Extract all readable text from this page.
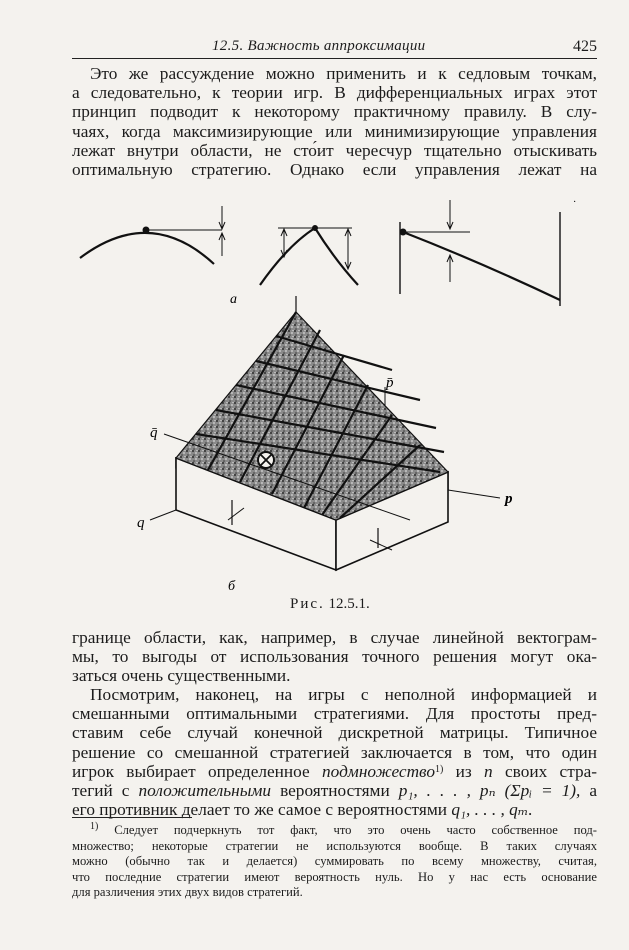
12.5. Важность аппроксимации	425
Это же рассуждение можно применить и к седловым точкам,
а следовательно, к теории игр. В дифференциальных играх этот
принцип подводит к некоторому практичному правилу. В слу-
чаях, когда максимизирующие или минимизирующие управления
лежат внутри области, не сто́ит чересчур тщательно отыскивать
оптимальную стратегию. Однако если управления лежат на
а
p̄
q̄
p
q
б
·
Рис. 12.5.1.
границе области, как, например, в случае линейной вектограм-
мы, то выгоды от использования точного решения могут ока-
заться очень существенными.
Посмотрим, наконец, на игры с неполной информацией и
смешанными оптимальными стратегиями. Для простоты пред-
ставим себе случай конечной дискретной матрицы. Типичное
решение со смешанной стратегией заключается в том, что один
игрок выбирает определенное подмножество$^{1)}$ из n своих стра-
тегий с положительными вероятностями p₁, . . . , pₙ (Σpᵢ = 1), а
его противник делает то же самое с вероятностями q₁, . . . , qₘ.
$^{1)}$ Следует подчеркнуть тот факт, что это очень часто собственное под-
множество; некоторые стратегии не используются вообще. В таких случаях
можно (обычно так и делается) суммировать по всему множеству, считая,
что последние стратегии имеют вероятность нуль. Но у нас есть основание
для различения этих двух видов стратегий.
